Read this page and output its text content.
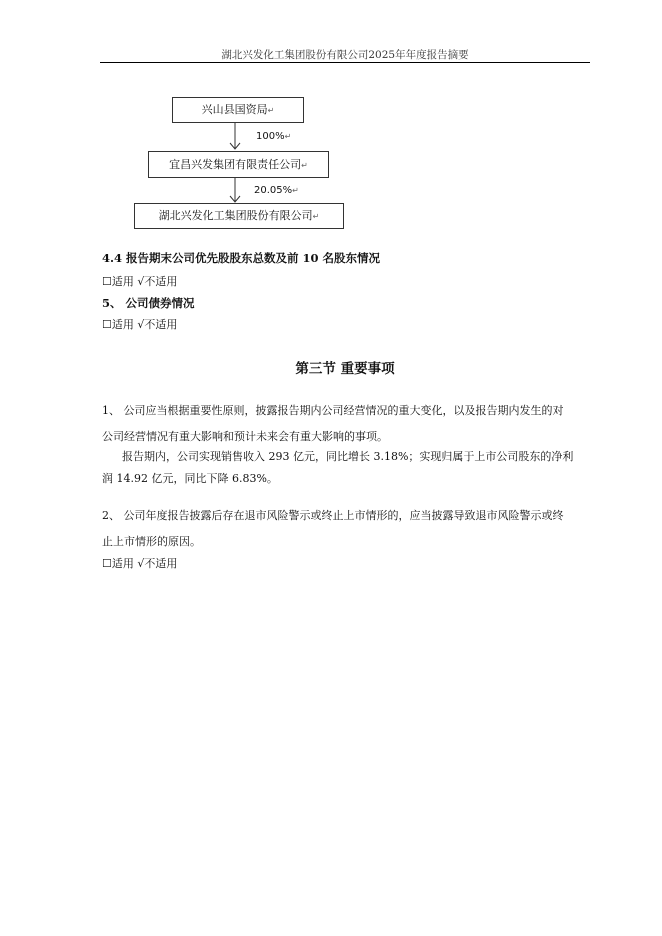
湖北兴发化工集团股份有限公司2025年年度报告摘要
兴山县国资局↵
100%↵
宜昌兴发集团有限责任公司↵
20.05%↵
湖北兴发化工集团股份有限公司↵
4.4 报告期末公司优先股股东总数及前 10 名股东情况
☐适用 √不适用
5、 公司债券情况
☐适用 √不适用
第三节 重要事项
1、 公司应当根据重要性原则，披露报告期内公司经营情况的重大变化，以及报告期内发生的对
公司经营情况有重大影响和预计未来会有重大影响的事项。
报告期内，公司实现销售收入 293 亿元，同比增长 3.18%；实现归属于上市公司股东的净利
润 14.92 亿元，同比下降 6.83%。
2、 公司年度报告披露后存在退市风险警示或终止上市情形的，应当披露导致退市风险警示或终
止上市情形的原因。
☐适用 √不适用
